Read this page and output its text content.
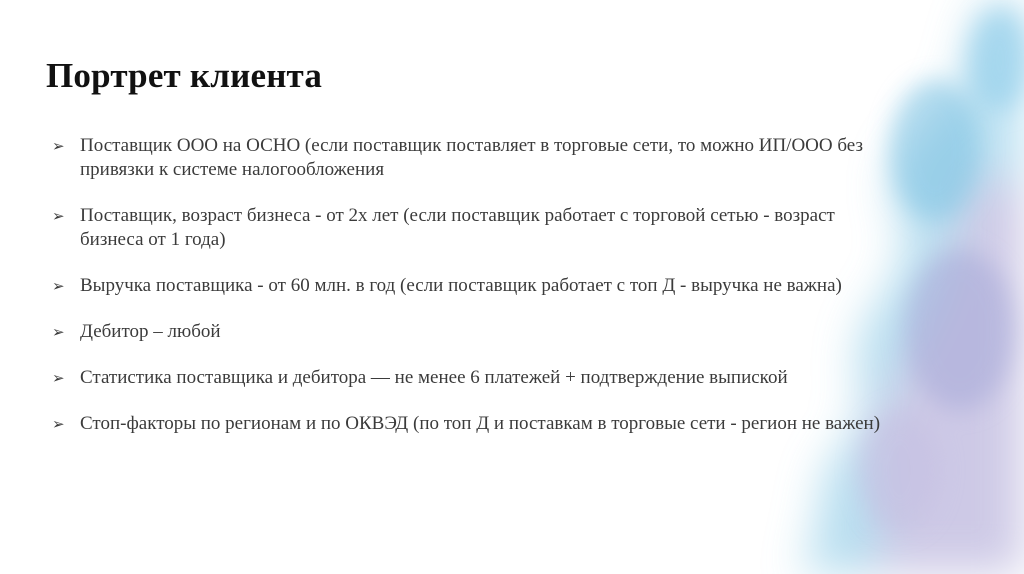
Портрет клиента
➢ Поставщик ООО на ОСНО (если поставщик поставляет в торговые сети, то можно ИП/ООО без привязки к системе налогообложения
➢ Поставщик, возраст бизнеса - от 2х лет (если поставщик работает с торговой сетью - возраст бизнеса от 1 года)
➢ Выручка поставщика - от 60 млн. в год (если поставщик работает с топ Д - выручка не важна)
➢ Дебитор – любой
➢ Статистика поставщика и дебитора — не менее 6 платежей + подтверждение выпиской
➢ Стоп-факторы по регионам и по ОКВЭД (по топ Д и поставкам в торговые сети - регион не важен)
